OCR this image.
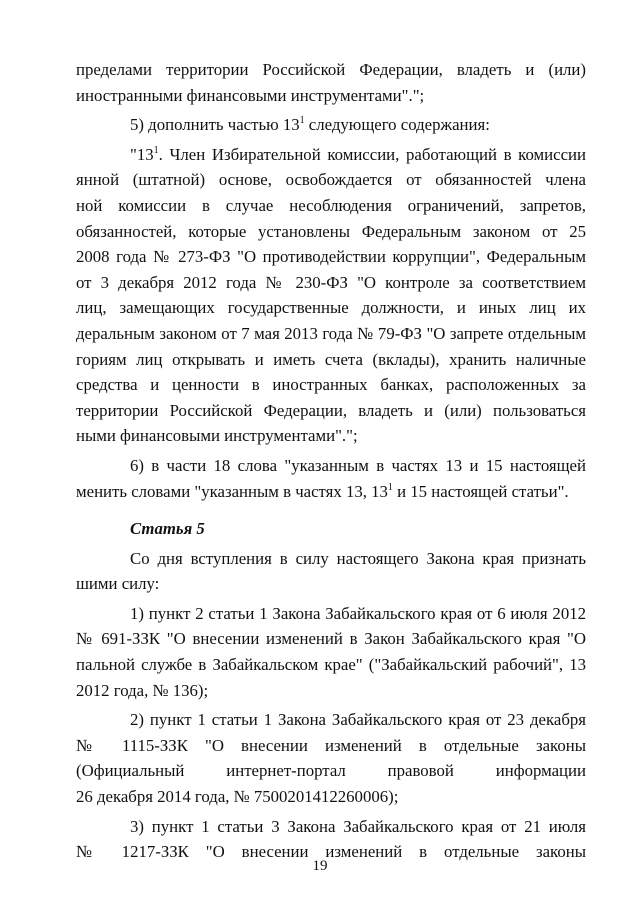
пределами территории Российской Федерации, владеть и (или)
иностранными финансовыми инструментами".";
5) дополнить частью $13^1$ следующего содержания:
"$13^1$. Член Избирательной комиссии, работающий в комиссии
янной (штатной) основе, освобождается от обязанностей члена
ной комиссии в случае несоблюдения ограничений, запретов,
обязанностей, которые установлены Федеральным законом от 25
2008 года № 273-ФЗ "О противодействии коррупции", Федеральным
от 3 декабря 2012 года № 230-ФЗ "О контроле за соответствием
лиц, замещающих государственные должности, и иных лиц их
деральным законом от 7 мая 2013 года № 79-ФЗ "О запрете отдельным
гориям лиц открывать и иметь счета (вклады), хранить наличные
средства и ценности в иностранных банках, расположенных за
территории Российской Федерации, владеть и (или) пользоваться
ными финансовыми инструментами".";
6) в части 18 слова "указанным в частях 13 и 15 настоящей
менить словами "указанным в частях 13, $13^1$ и 15 настоящей статьи".
Статья 5
Со дня вступления в силу настоящего Закона края признать
шими силу:
1) пункт 2 статьи 1 Закона Забайкальского края от 6 июля 2012
№ 691-ЗЗК "О внесении изменений в Закон Забайкальского края "О
пальной службе в Забайкальском крае" ("Забайкальский рабочий", 13
2012 года, № 136);
2) пункт 1 статьи 1 Закона Забайкальского края от 23 декабря
№ 1115-ЗЗК "О внесении изменений в отдельные законы
(Официальный интернет-портал правовой информации
26 декабря 2014 года, № 7500201412260006);
3) пункт 1 статьи 3 Закона Забайкальского края от 21 июля
№ 1217-ЗЗК "О внесении изменений в отдельные законы
19
